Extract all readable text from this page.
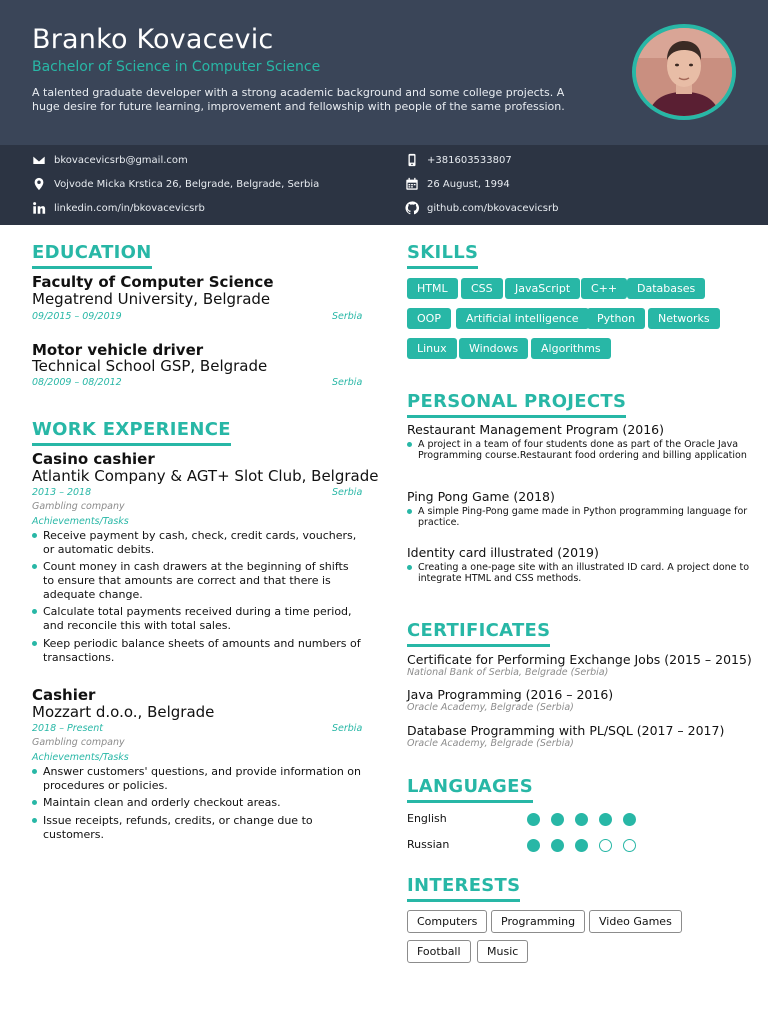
Branko Kovacevic
Bachelor of Science in Computer Science
A talented graduate developer with a strong academic background and some college projects. A huge desire for future learning, improvement and fellowship with people of the same profession.
bkovacevicsrb@gmail.com
Vojvode Micka Krstica 26, Belgrade, Belgrade, Serbia
linkedin.com/in/bkovacevicsrb
+381603533807
26 August, 1994
github.com/bkovacevicsrb
EDUCATION
Faculty of Computer Science
Megatrend University, Belgrade
09/2015 – 09/2019	Serbia
Motor vehicle driver
Technical School GSP, Belgrade
08/2009 – 08/2012	Serbia
WORK EXPERIENCE
Casino cashier
Atlantik Company & AGT+ Slot Club, Belgrade
2013 – 2018	Serbia
Gambling company
Achievements/Tasks
Receive payment by cash, check, credit cards, vouchers, or automatic debits.
Count money in cash drawers at the beginning of shifts to ensure that amounts are correct and that there is adequate change.
Calculate total payments received during a time period, and reconcile this with total sales.
Keep periodic balance sheets of amounts and numbers of transactions.
Cashier
Mozzart d.o.o., Belgrade
2018 – Present	Serbia
Gambling company
Achievements/Tasks
Answer customers' questions, and provide information on procedures or policies.
Maintain clean and orderly checkout areas.
Issue receipts, refunds, credits, or change due to customers.
SKILLS
HTML	CSS	JavaScript	C++	Databases
OOP	Artificial intelligence	Python	Networks
Linux	Windows	Algorithms
PERSONAL PROJECTS
Restaurant Management Program (2016)
A project in a team of four students done as part of the Oracle Java Programming course.Restaurant food ordering and billing application
Ping Pong Game (2018)
A simple Ping-Pong game made in Python programming language for practice.
Identity card illustrated (2019)
Creating a one-page site with an illustrated ID card. A project done to integrate HTML and CSS methods.
CERTIFICATES
Certificate for Performing Exchange Jobs (2015 – 2015)
National Bank of Serbia, Belgrade (Serbia)
Java Programming (2016 – 2016)
Oracle Academy, Belgrade (Serbia)
Database Programming with PL/SQL (2017 – 2017)
Oracle Academy, Belgrade (Serbia)
LANGUAGES
English
Russian
INTERESTS
Computers	Programming	Video Games
Football	Music
